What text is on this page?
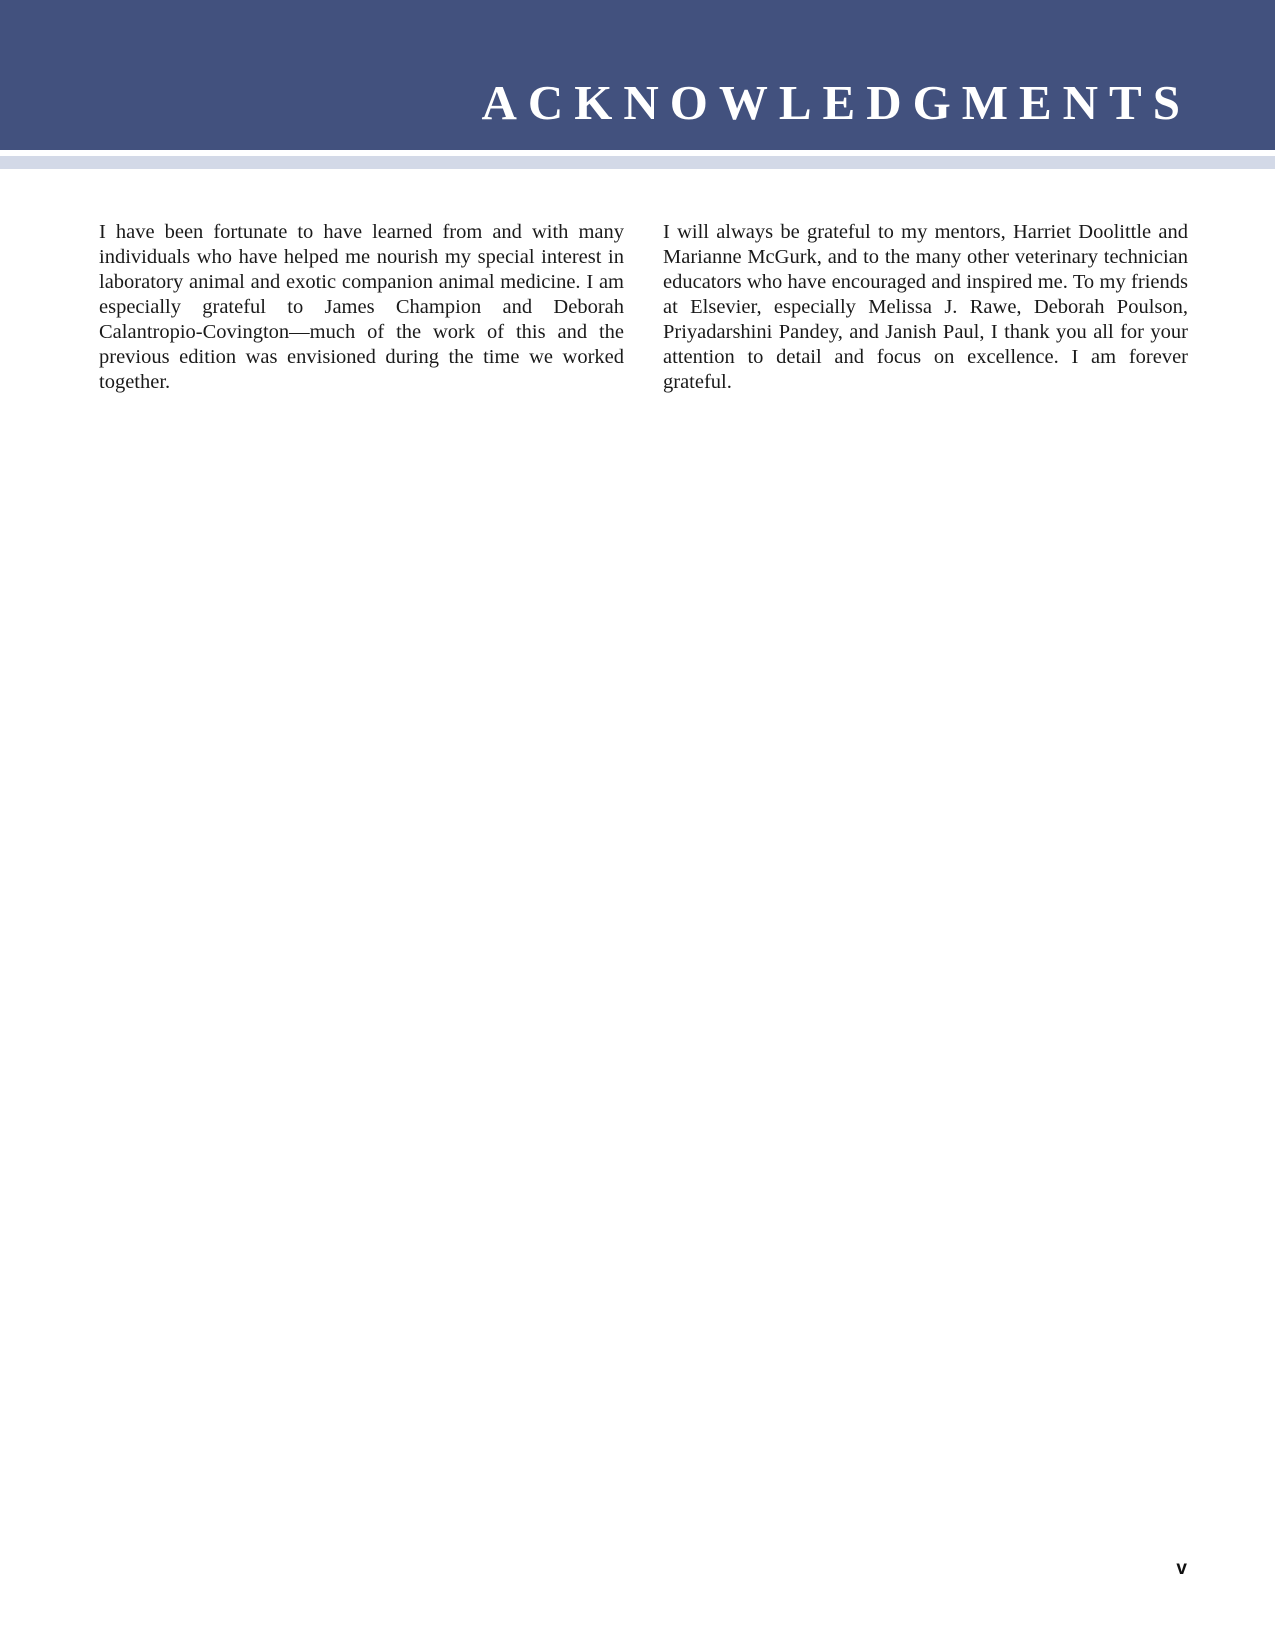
ACKNOWLEDGMENTS

I have been fortunate to have learned from and with many individuals who have helped me nourish my special interest in laboratory animal and exotic companion animal medicine. I am especially grateful to James Champion and Deborah Calantropio-Covington—much of the work of this and the previous edition was envisioned during the time we worked together.

I will always be grateful to my mentors, Harriet Doolittle and Marianne McGurk, and to the many other veterinary technician educators who have encouraged and inspired me. To my friends at Elsevier, especially Melissa J. Rawe, Deborah Poulson, Priyadarshini Pandey, and Janish Paul, I thank you all for your attention to detail and focus on excellence. I am forever grateful.

v
